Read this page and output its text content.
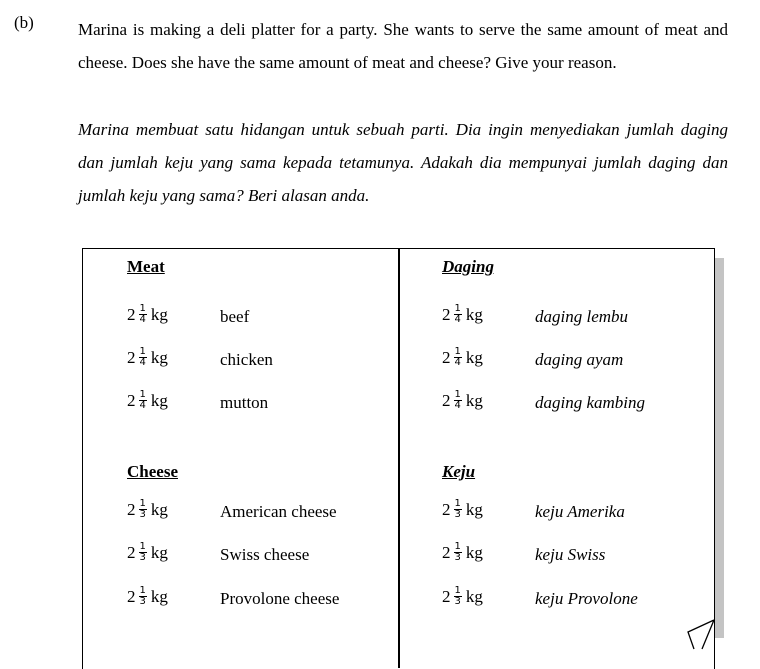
(b)	Marina is making a deli platter for a party. She wants to serve the same amount of meat and cheese. Does she have the same amount of meat and cheese? Give your reason.
Marina membuat satu hidangan untuk sebuah parti. Dia ingin menyediakan jumlah daging dan jumlah keju yang sama kepada tetamunya. Adakah dia mempunyai jumlah daging dan jumlah keju yang sama? Beri alasan anda.
Meat
Cheese
$2 \frac{1}{4}$ kg	beef
$2 \frac{1}{4}$ kg	chicken
$2 \frac{1}{4}$ kg	mutton
$2 \frac{1}{3}$ kg	American cheese
$2 \frac{1}{3}$ kg	Swiss cheese
$2 \frac{1}{3}$ kg	Provolone cheese
Daging
Keju
$2 \frac{1}{4}$ kg	daging lembu
$2 \frac{1}{4}$ kg	daging ayam
$2 \frac{1}{4}$ kg	daging kambing
$2 \frac{1}{3}$ kg	keju Amerika
$2 \frac{1}{3}$ kg	keju Swiss
$2 \frac{1}{3}$ kg	keju Provolone
